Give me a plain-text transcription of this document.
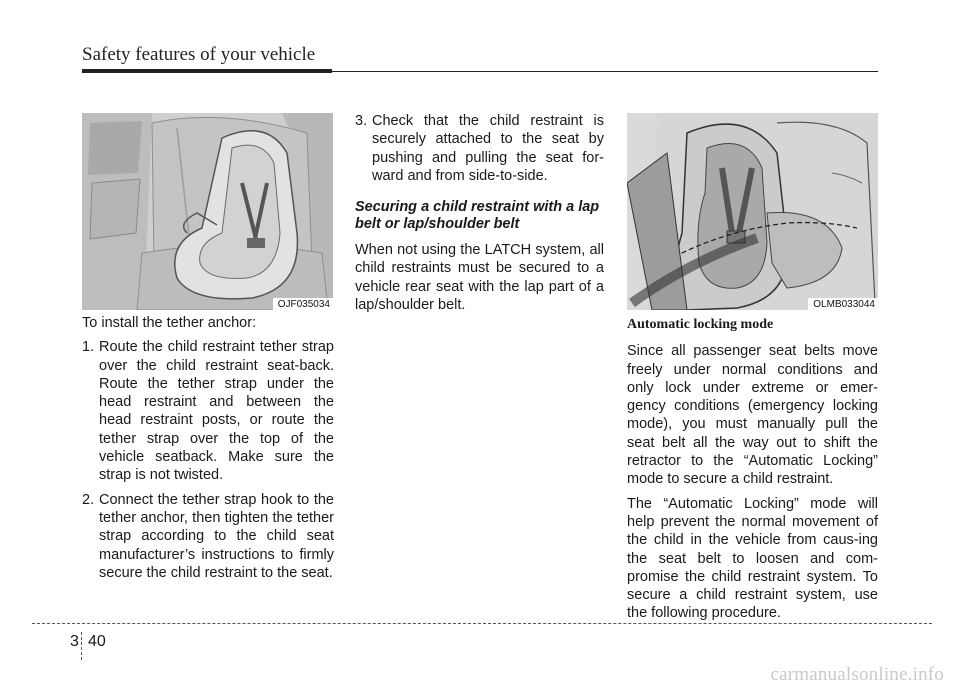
Safety features of your vehicle
OJF035034	OLMB033044

To install the tether anchor:

1. Route the child restraint tether strap over the child restraint seat-back. Route the tether strap under the head restraint and between the head restraint posts, or route the tether strap over the top of the vehicle seatback. Make sure the strap is not twisted.
2. Connect the tether strap hook to the tether anchor, then tighten the tether strap according to the child seat manufacturer’s instructions to firmly secure the child restraint to the seat.
3. Check that the child restraint is securely attached to the seat by pushing and pulling the seat for-ward and from side-to-side.
Securing a child restraint with a lap belt or lap/shoulder belt

When not using the LATCH system, all child restraints must be secured to a vehicle rear seat with the lap part of a lap/shoulder belt.

Automatic locking mode

Since all passenger seat belts move freely under normal conditions and only lock under extreme or emer-gency conditions (emergency locking mode), you must manually pull the seat belt all the way out to shift the retractor to the “Automatic Locking” mode to secure a child restraint.

The “Automatic Locking” mode will help prevent the normal movement of the child in the vehicle from caus-ing the seat belt to loosen and com-promise the child restraint system. To secure a child restraint system, use the following procedure.

3 40
carmanualsonline.info
